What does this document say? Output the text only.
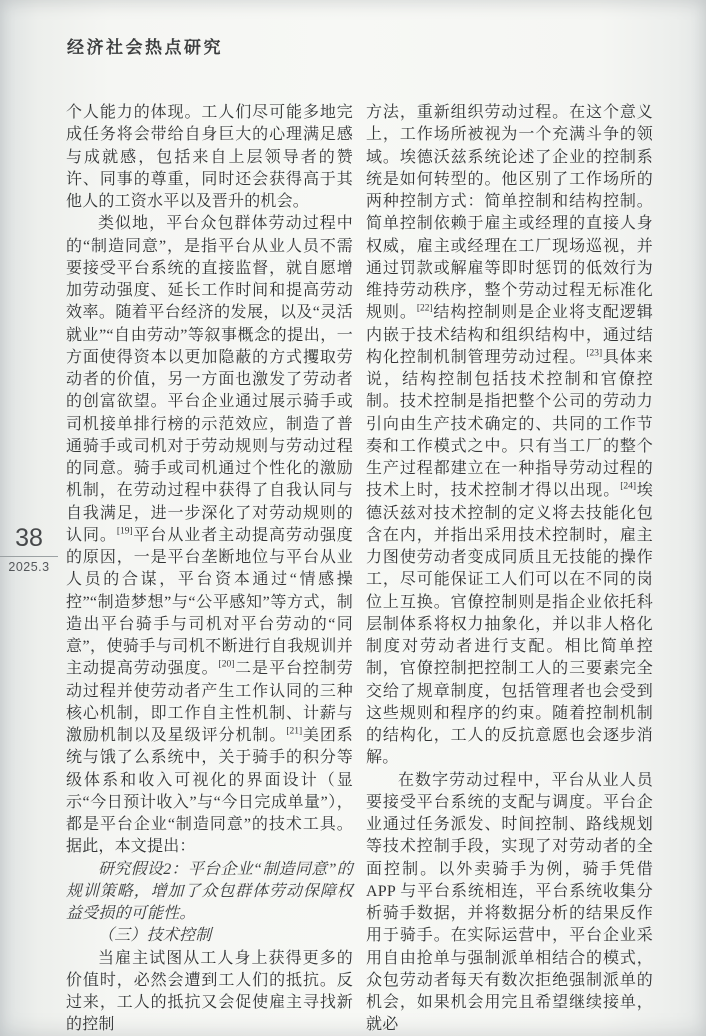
经济社会热点研究
38
2025.3

个人能力的体现。工人们尽可能多地完成任务将会带给自身巨大的心理满足感与成就感，包括来自上层领导者的赞许、同事的尊重，同时还会获得高于其他人的工资水平以及晋升的机会。

类似地，平台众包群体劳动过程中的“制造同意”，是指平台从业人员不需要接受平台系统的直接监督，就自愿增加劳动强度、延长工作时间和提高劳动效率。随着平台经济的发展，以及“灵活就业”“自由劳动”等叙事概念的提出，一方面使得资本以更加隐蔽的方式攫取劳动者的价值，另一方面也激发了劳动者的创富欲望。平台企业通过展示骑手或司机接单排行榜的示范效应，制造了普通骑手或司机对于劳动规则与劳动过程的同意。骑手或司机通过个性化的激励机制，在劳动过程中获得了自我认同与自我满足，进一步深化了对劳动规则的认同。[19]平台从业者主动提高劳动强度的原因，一是平台垄断地位与平台从业人员的合谋，平台资本通过“情感操控”“制造梦想”与“公平感知”等方式，制造出平台骑手与司机对平台劳动的“同意”，使骑手与司机不断进行自我规训并主动提高劳动强度。[20]二是平台控制劳动过程并使劳动者产生工作认同的三种核心机制，即工作自主性机制、计薪与激励机制以及星级评分机制。[21]美团系统与饿了么系统中，关于骑手的积分等级体系和收入可视化的界面设计（显示“今日预计收入”与“今日完成单量”），都是平台企业“制造同意”的技术工具。据此，本文提出：

研究假设2：平台企业“制造同意”的规训策略，增加了众包群体劳动保障权益受损的可能性。

（三）技术控制

当雇主试图从工人身上获得更多的价值时，必然会遭到工人们的抵抗。反过来，工人的抵抗又会促使雇主寻找新的控制

方法，重新组织劳动过程。在这个意义上，工作场所被视为一个充满斗争的领域。埃德沃兹系统论述了企业的控制系统是如何转型的。他区别了工作场所的两种控制方式：简单控制和结构控制。简单控制依赖于雇主或经理的直接人身权威，雇主或经理在工厂现场巡视，并通过罚款或解雇等即时惩罚的低效行为维持劳动秩序，整个劳动过程无标准化规则。[22]结构控制则是企业将支配逻辑内嵌于技术结构和组织结构中，通过结构化控制机制管理劳动过程。[23]具体来说，结构控制包括技术控制和官僚控制。技术控制是指把整个公司的劳动力引向由生产技术确定的、共同的工作节奏和工作模式之中。只有当工厂的整个生产过程都建立在一种指导劳动过程的技术上时，技术控制才得以出现。[24]埃德沃兹对技术控制的定义将去技能化包含在内，并指出采用技术控制时，雇主力图使劳动者变成同质且无技能的操作工，尽可能保证工人们可以在不同的岗位上互换。官僚控制则是指企业依托科层制体系将权力抽象化，并以非人格化制度对劳动者进行支配。相比简单控制，官僚控制把控制工人的三要素完全交给了规章制度，包括管理者也会受到这些规则和程序的约束。随着控制机制的结构化，工人的反抗意愿也会逐步消解。

在数字劳动过程中，平台从业人员要接受平台系统的支配与调度。平台企业通过任务派发、时间控制、路线规划等技术控制手段，实现了对劳动者的全面控制。以外卖骑手为例，骑手凭借 APP 与平台系统相连，平台系统收集分析骑手数据，并将数据分析的结果反作用于骑手。在实际运营中，平台企业采用自由抢单与强制派单相结合的模式，众包劳动者每天有数次拒绝强制派单的机会，如果机会用完且希望继续接单，就必
